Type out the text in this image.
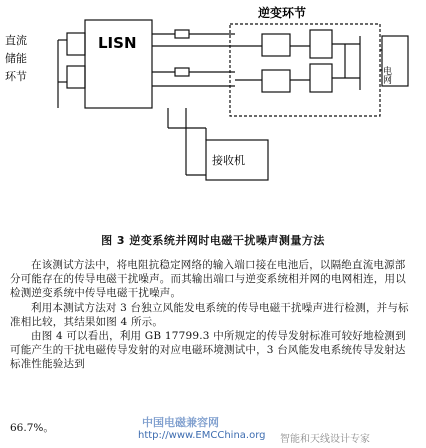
逆变环节
直流
储能
环节
LISN
接收机
电网
图 3 逆变系统并网时电磁干扰噪声测量方法

在该测试方法中，将电阻抗稳定网络的输入端口接在电池后，以隔绝直流电源部分可能存在的传导电磁干扰噪声。而其输出端口与逆变系统相并网的电网相连，用以检测逆变系统中传导电磁干扰噪声。

利用本测试方法对 3 台独立风能发电系统的传导电磁干扰噪声进行检测，并与标准相比较，其结果如图 4 所示。

由图 4 可以看出，利用 GB 17799.3 中所规定的传导发射标准可较好地检测到可能产生的干扰电磁传导发射的对应电磁环境测试中，3 台风能发电系统传导发射达标准性能验达到

66.7%。	中国电磁兼容网
http://www.EMCChina.org 智能和天线设计专家
